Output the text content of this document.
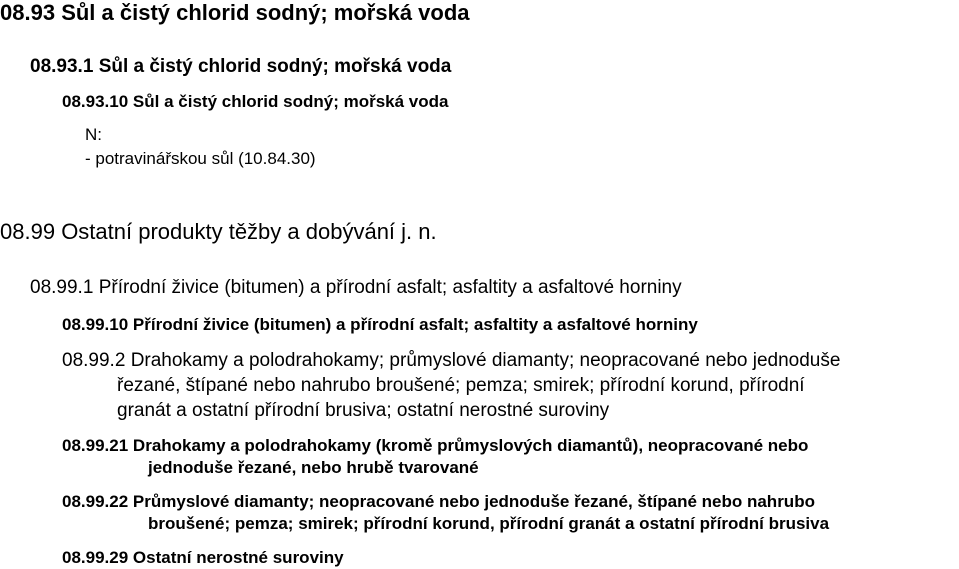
08.93 Sůl a čistý chlorid sodný; mořská voda
08.93.1 Sůl a čistý chlorid sodný; mořská voda
08.93.10 Sůl a čistý chlorid sodný; mořská voda
N:
- potravinářskou sůl (10.84.30)
08.99 Ostatní produkty těžby a dobývání j. n.
08.99.1 Přírodní živice (bitumen) a přírodní asfalt; asfaltity a asfaltové horniny
08.99.10 Přírodní živice (bitumen) a přírodní asfalt; asfaltity a asfaltové horniny
08.99.2 Drahokamy a polodrahokamy; průmyslové diamanty; neopracované nebo jednoduše
řezané, štípané nebo nahrubo broušené; pemza; smirek; přírodní korund, přírodní
granát a ostatní přírodní brusiva; ostatní nerostné suroviny
08.99.21 Drahokamy a polodrahokamy (kromě průmyslových diamantů), neopracované nebo
jednoduše řezané, nebo hrubě tvarované
08.99.22 Průmyslové diamanty; neopracované nebo jednoduše řezané, štípané nebo nahrubo
broušené; pemza; smirek; přírodní korund, přírodní granát a ostatní přírodní brusiva
08.99.29 Ostatní nerostné suroviny
